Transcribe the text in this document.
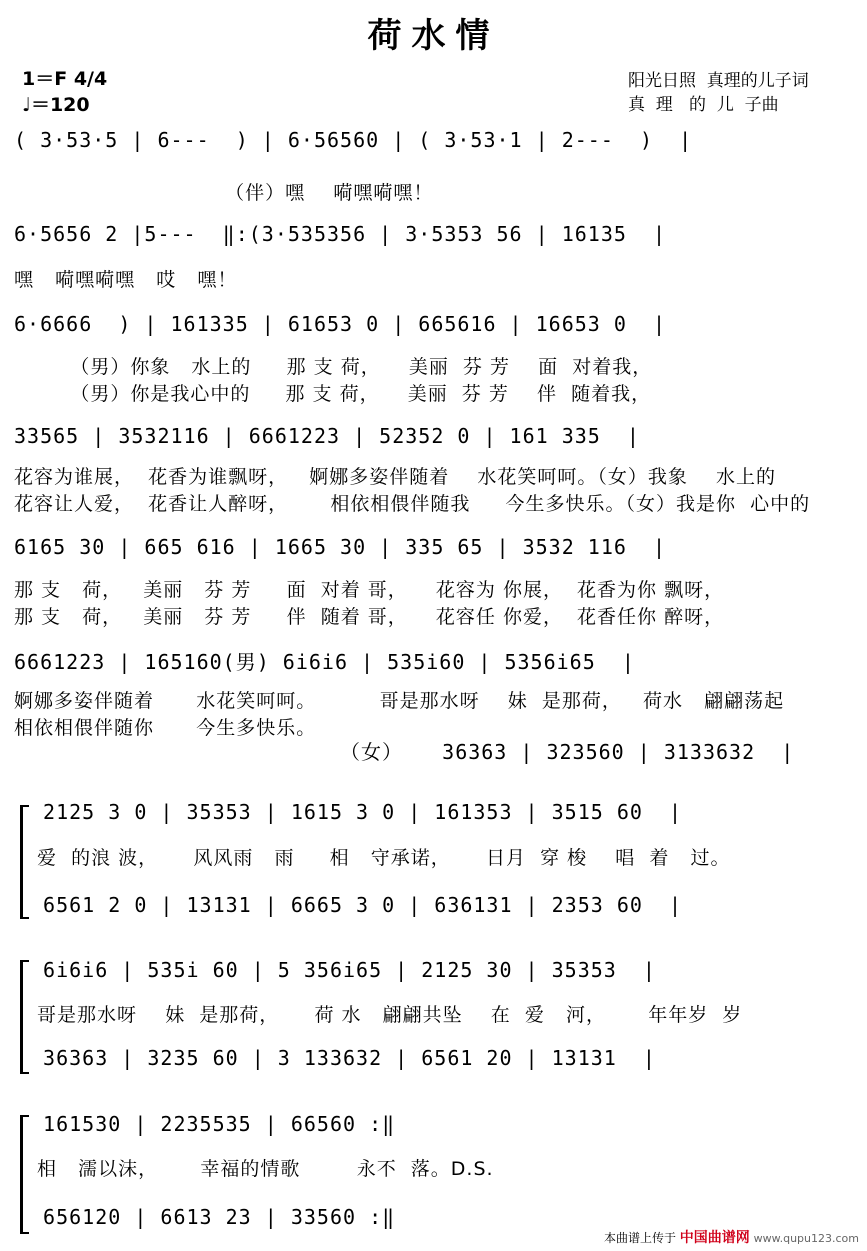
荷水情
1＝F 4/4
♩＝120
阳光日照  真理的儿子词
真  理   的  儿  子曲
( 3·53·5 | 6---  ) | 6·56560 | ( 3·53·1 | 2---  )  |
（伴）嘿    嗬嘿嗬嘿！
6·5656 2 |5---  ‖:(3·535356 | 3·5353 56 | 16135  |
嘿   嗬嘿嗬嘿   哎   嘿！
6·6666  ) | 161335 | 61653 0 | 665616 | 16653 0  |
（男）你象   水上的     那 支 荷，    美丽  芬 芳    面  对着我，
（男）你是我心中的     那 支 荷，    美丽  芬 芳    伴  随着我，
33565 | 3532116 | 6661223 | 52352 0 | 161 335  |
花容为谁展，  花香为谁飘呀，   婀娜多姿伴随着    水花笑呵呵。（女）我象    水上的
花容让人爱，  花香让人醉呀，      相依相偎伴随我     今生多快乐。（女）我是你  心中的
6165 30 | 665 616 | 1665 30 | 335 65 | 3532 116  |
那 支   荷，   美丽   芬 芳     面  对着 哥，    花容为 你展，  花香为你 飘呀，
那 支   荷，   美丽   芬 芳     伴  随着 哥，    花容任 你爱，  花香任你 醉呀，
6661223 | 165160(男) 6i6i6 | 535i60 | 5356i65  |
婀娜多姿伴随着      水花笑呵呵。         哥是那水呀    妹  是那荷，   荷水   翩翩荡起
相依相偎伴随你      今生多快乐。
（女）   36363 | 323560 | 3133632  |
2125 3 0 | 35353 | 1615 3 0 | 161353 | 3515 60  |
爱  的浪 波，     风风雨   雨     相   守承诺，     日月  穿 梭    唱  着   过。
6561 2 0 | 13131 | 6665 3 0 | 636131 | 2353 60  |
6i6i6 | 535i 60 | 5 356i65 | 2125 30 | 35353  |
哥是那水呀    妹  是那荷，     荷 水   翩翩共坠    在  爱   河，      年年岁  岁
36363 | 3235 60 | 3 133632 | 6561 20 | 13131  |
161530 | 2235535 | 66560 :‖
相   濡以沫，      幸福的情歌        永不  落。D.S.
656120 | 6613 23 | 33560 :‖
本曲谱上传于 中国曲谱网 www.qupu123.com
